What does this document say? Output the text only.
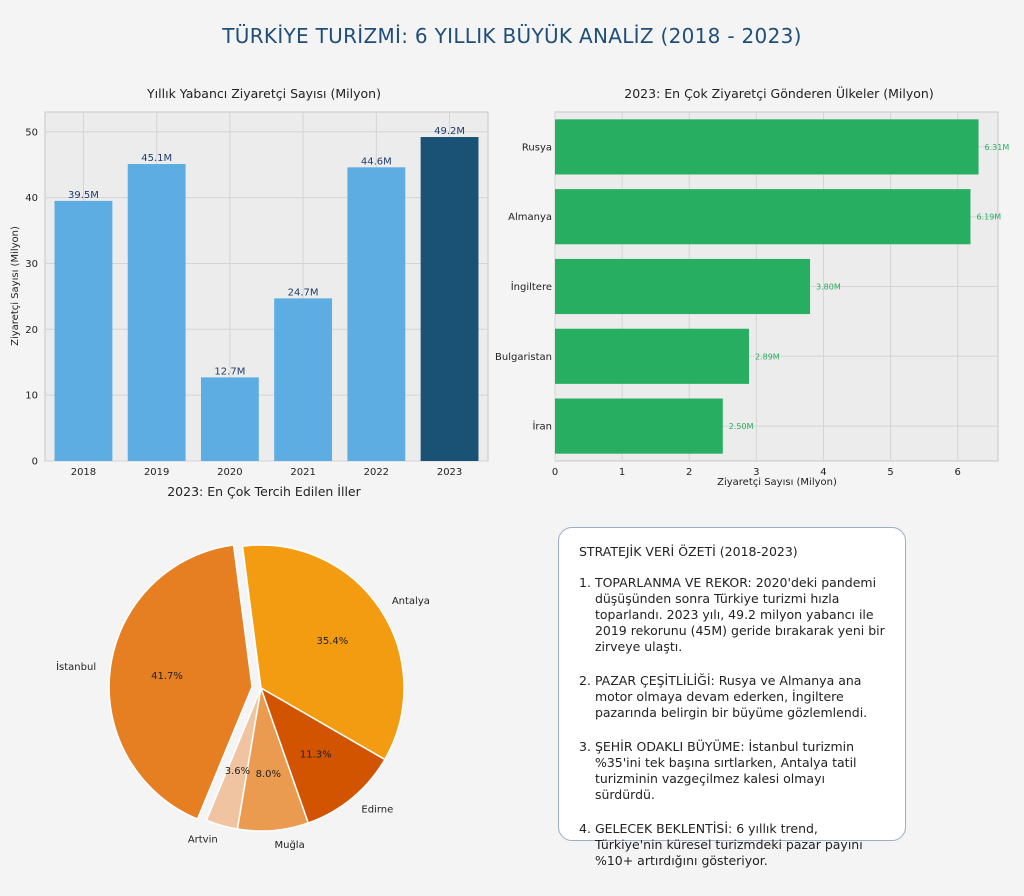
TÜRKİYE TURİZMİ: 6 YILLIK BÜYÜK ANALİZ (2018 - 2023)
Yıllık Yabancı Ziyaretçi Sayısı (Milyon)
39.5M
45.1M
12.7M
24.7M
44.6M
49.2M
0
10
20
30
40
50
2018	2019	2020	2021	2022	2023
Ziyaretçi Sayısı (Milyon)
2023: En Çok Ziyaretçi Gönderen Ülkeler (Milyon)
6.31M
6.19M
3.80M
2.89M
2.50M
0	1	2	3	4	5	6
Rusya
Almanya
İngiltere
Bulgaristan
İran
Ziyaretçi Sayısı (Milyon)
2023: En Çok Tercih Edilen İller
35.4%
Antalya
41.7%
İstanbul
3.6%
Artvin
8.0%
Muğla
11.3%
Edirne
STRATEJİK VERİ ÖZETİ (2018-2023)
1. TOPARLANMA VE REKOR: 2020'deki pandemi düşüşünden sonra Türkiye turizmi hızla toparlandı. 2023 yılı, 49.2 milyon yabancı ile 2019 rekorunu (45M) geride bırakarak yeni bir zirveye ulaştı.
2. PAZAR ÇEŞİTLİLİĞİ: Rusya ve Almanya ana motor olmaya devam ederken, İngiltere pazarında belirgin bir büyüme gözlemlendi.
3. ŞEHİR ODAKLI BÜYÜME: İstanbul turizmin %35'ini tek başına sırtlarken, Antalya tatil turizminin vazgeçilmez kalesi olmayı sürdürdü.
4. GELECEK BEKLENTİSİ: 6 yıllık trend, Türkiye'nin küresel turizmdeki pazar payını %10+ artırdığını gösteriyor.
